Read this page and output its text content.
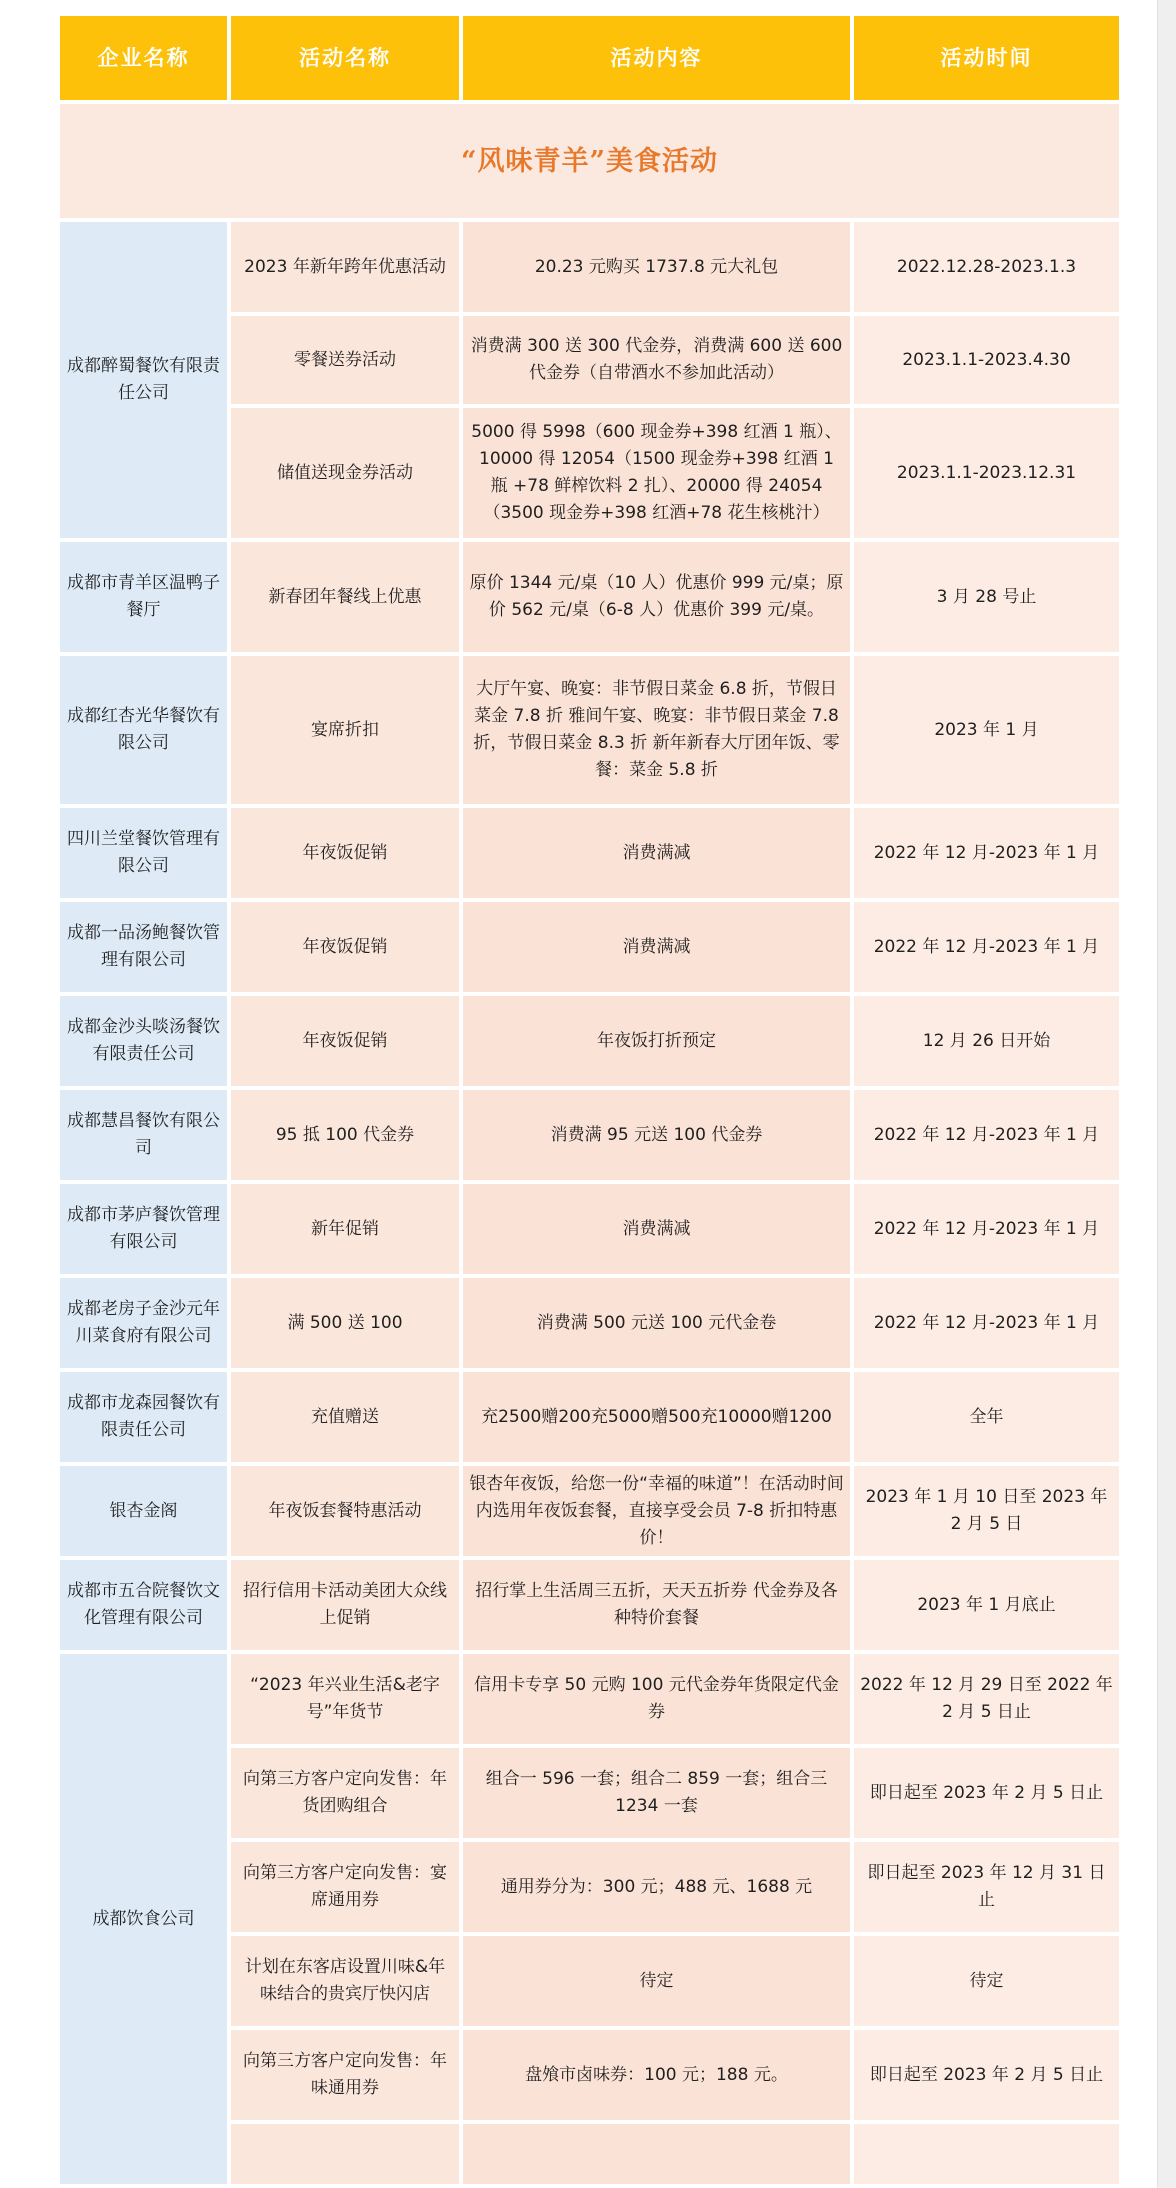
企业名称	活动名称	活动内容	活动时间
“风味青羊”美食活动			
成都醉蜀餐饮有限责任公司	2023 年新年跨年优惠活动	20.23 元购买 1737.8 元大礼包	2022.12.28-2023.1.3
	零餐送券活动	消费满 300 送 300 代金券，消费满 600 送 600 代金券（自带酒水不参加此活动）	2023.1.1-2023.4.30
	储值送现金券活动	5000 得 5998（600 现金券+398 红酒 1 瓶）、10000 得 12054（1500 现金券+398 红酒 1 瓶 +78 鲜榨饮料 2 扎）、20000 得 24054（3500 现金券+398 红酒+78 花生核桃汁）	2023.1.1-2023.12.31
成都市青羊区温鸭子餐厅	新春团年餐线上优惠	原价 1344 元/桌（10 人）优惠价 999 元/桌；原价 562 元/桌（6-8 人）优惠价 399 元/桌。	3 月 28 号止
成都红杏光华餐饮有限公司	宴席折扣	大厅午宴、晚宴：非节假日菜金 6.8 折，节假日菜金 7.8 折 雅间午宴、晚宴：非节假日菜金 7.8 折，节假日菜金 8.3 折 新年新春大厅团年饭、零餐：菜金 5.8 折	2023 年 1 月
四川兰堂餐饮管理有限公司	年夜饭促销	消费满减	2022 年 12 月-2023 年 1 月
成都一品汤鲍餐饮管理有限公司	年夜饭促销	消费满减	2022 年 12 月-2023 年 1 月
成都金沙头啖汤餐饮有限责任公司	年夜饭促销	年夜饭打折预定	12 月 26 日开始
成都慧昌餐饮有限公司	95 抵 100 代金券	消费满 95 元送 100 代金券	2022 年 12 月-2023 年 1 月
成都市茅庐餐饮管理有限公司	新年促销	消费满减	2022 年 12 月-2023 年 1 月
成都老房子金沙元年川菜食府有限公司	满 500 送 100	消费满 500 元送 100 元代金卷	2022 年 12 月-2023 年 1 月
成都市龙森园餐饮有限责任公司	充值赠送	充2500赠200充5000赠500充10000赠1200	全年
银杏金阁	年夜饭套餐特惠活动	银杏年夜饭，给您一份“幸福的味道”！在活动时间内选用年夜饭套餐，直接享受会员 7-8 折扣特惠价！	2023 年 1 月 10 日至 2023 年 2 月 5 日
成都市五合院餐饮文化管理有限公司	招行信用卡活动美团大众线上促销	招行掌上生活周三五折，天天五折券 代金券及各种特价套餐	2023 年 1 月底止
成都饮食公司	“2023 年兴业生活&老字号”年货节	信用卡专享 50 元购 100 元代金券年货限定代金券	2022 年 12 月 29 日至 2022 年 2 月 5 日止
	向第三方客户定向发售：年货团购组合	组合一 596 一套；组合二 859 一套；组合三 1234 一套	即日起至 2023 年 2 月 5 日止
	向第三方客户定向发售：宴席通用券	通用券分为：300 元；488 元、1688 元	即日起至 2023 年 12 月 31 日止
	计划在东客店设置川味&年味结合的贵宾厅快闪店	待定	待定
	向第三方客户定向发售：年味通用券	盘飧市卤味券：100 元；188 元。	即日起至 2023 年 2 月 5 日止
